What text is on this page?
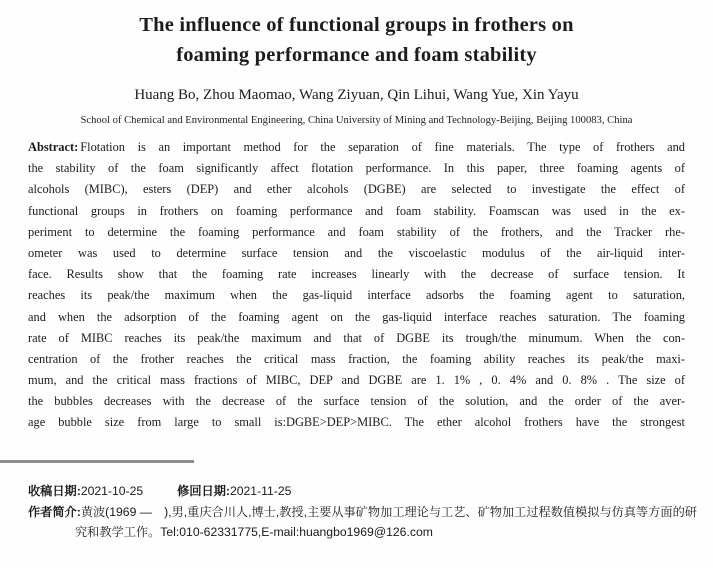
The influence of functional groups in frothers on
foaming performance and foam stability
Huang Bo, Zhou Maomao, Wang Ziyuan, Qin Lihui, Wang Yue, Xin Yayu
School of Chemical and Environmental Engineering, China University of Mining and Technology-Beijing, Beijing 100083, China
Abstract: Flotation is an important method for the separation of fine materials. The type of frothers and
the stability of the foam significantly affect flotation performance. In this paper, three foaming agents of
alcohols (MIBC), esters (DEP) and ether alcohols (DGBE) are selected to investigate the effect of
functional groups in frothers on foaming performance and foam stability. Foamscan was used in the ex-
periment to determine the foaming performance and foam stability of the frothers, and the Tracker rhe-
ometer was used to determine surface tension and the viscoelastic modulus of the air-liquid inter-
face. Results show that the foaming rate increases linearly with the decrease of surface tension. It
reaches its peak/the maximum when the gas-liquid interface adsorbs the foaming agent to saturation,
and when the adsorption of the foaming agent on the gas-liquid interface reaches saturation. The foaming
rate of MIBC reaches its peak/the maximum and that of DGBE its trough/the minumum. When the con-
centration of the frother reaches the critical mass fraction, the foaming ability reaches its peak/the maxi-
mum, and the critical mass fractions of MIBC, DEP and DGBE are 1. 1% , 0. 4% and 0. 8% . The size of
the bubbles decreases with the decrease of the surface tension of the solution, and the order of the aver-
age bubble size from large to small is:DGBE>DEP>MIBC. The ether alcohol frothers have the strongest
收稿日期:2021-10-25	修回日期:2021-11-25
作者简介:黄波(1969 —　),男,重庆合川人,博士,教授,主要从事矿物加工理论与工艺、矿物加工过程数值模拟与仿真等方面的研
究和教学工作。Tel:010-62331775,E-mail:huangbo1969@126.com
